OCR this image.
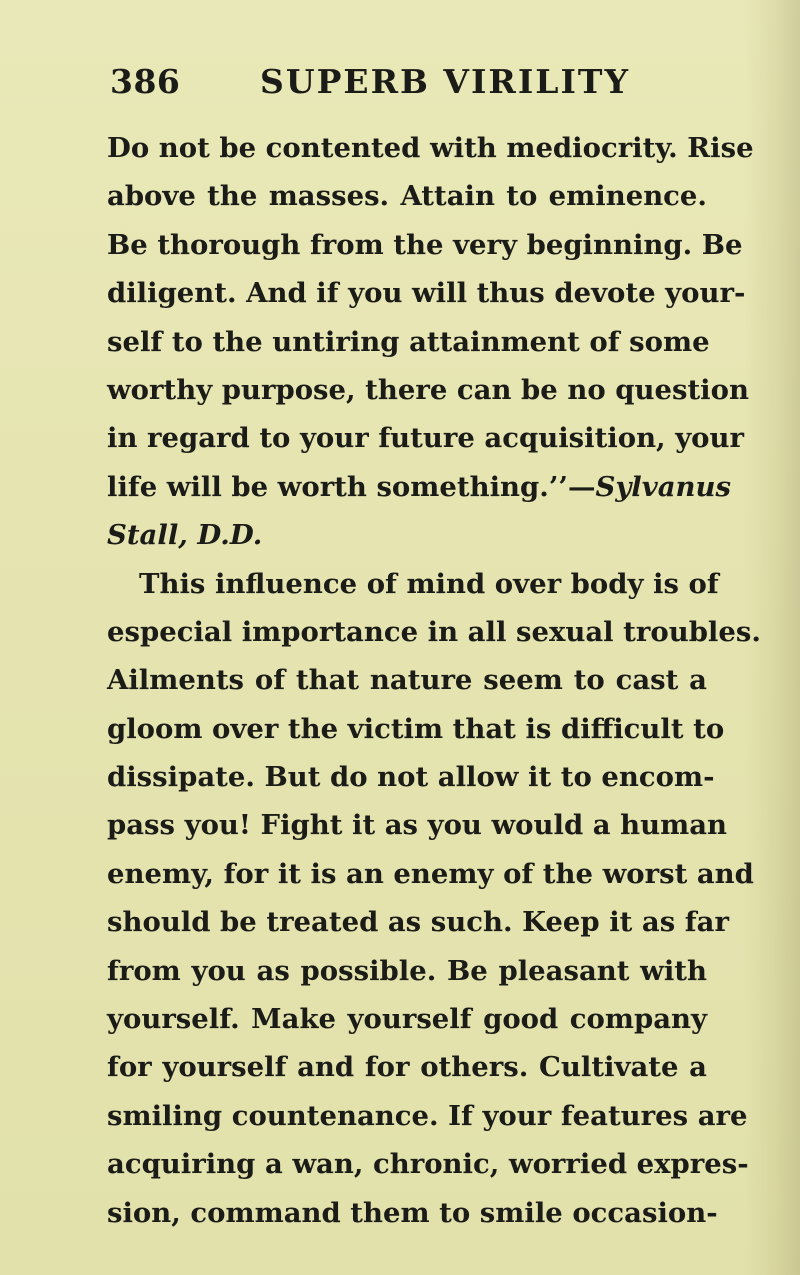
386 SUPERB VIRILITY
Do not be contented with mediocrity. Rise
above the masses. Attain to eminence.
Be thorough from the very beginning. Be
diligent. And if you will thus devote your-
self to the untiring attainment of some
worthy purpose, there can be no question
in regard to your future acquisition, your
life will be worth something.’’—Sylvanus
Stall, D.D.
This influence of mind over body is of
especial importance in all sexual troubles.
Ailments of that nature seem to cast a
gloom over the victim that is difficult to
dissipate. But do not allow it to encom-
pass you! Fight it as you would a human
enemy, for it is an enemy of the worst and
should be treated as such. Keep it as far
from you as possible. Be pleasant with
yourself. Make yourself good company
for yourself and for others. Cultivate a
smiling countenance. If your features are
acquiring a wan, chronic, worried expres-
sion, command them to smile occasion-
